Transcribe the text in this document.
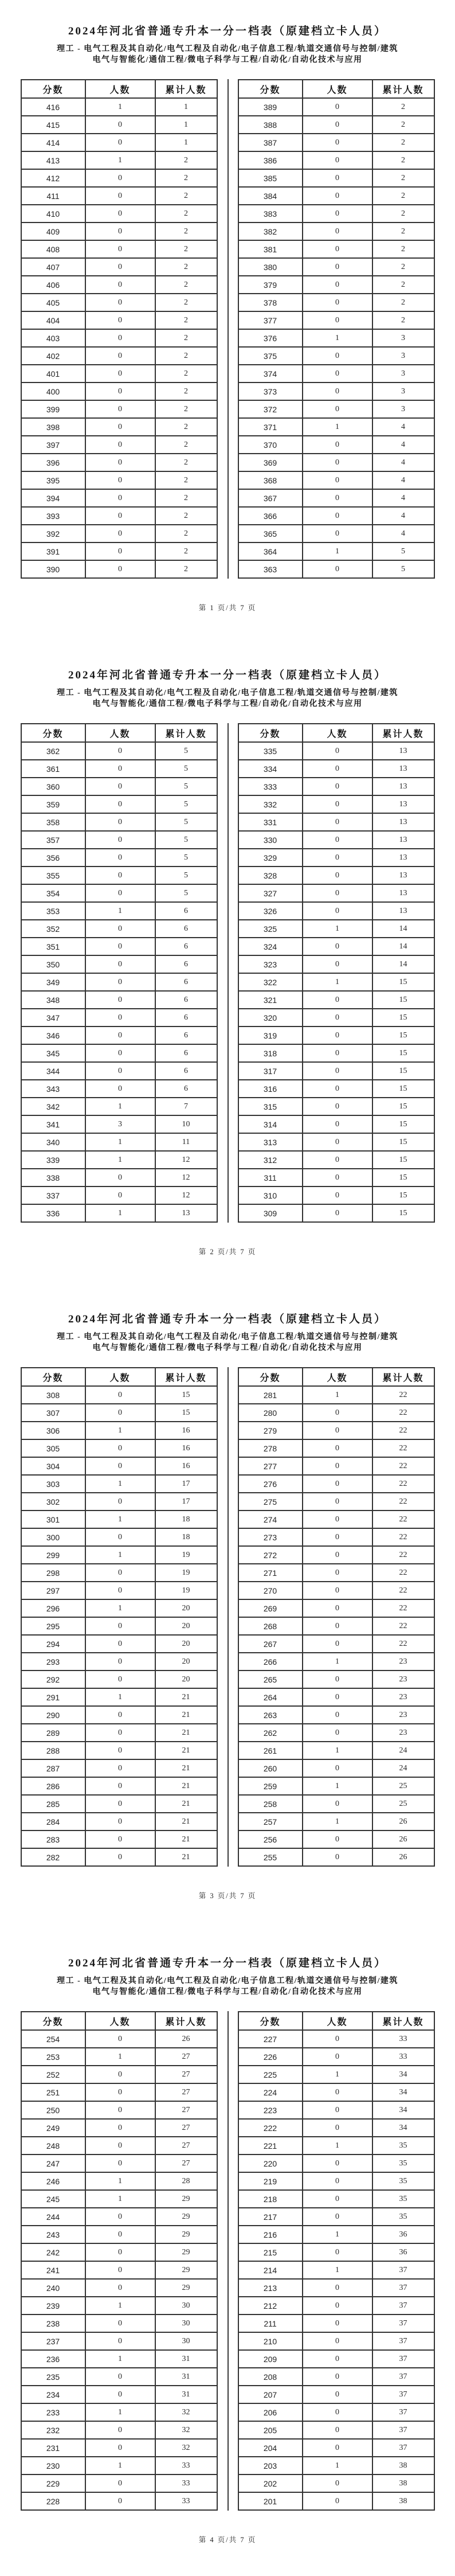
2024年河北省普通专升本一分一档表（原建档立卡人员）
理工 - 电气工程及其自动化/电气工程及自动化/电子信息工程/轨道交通信号与控制/建筑
电气与智能化/通信工程/微电子科学与工程/自动化/自动化技术与应用
分数	人数	累计人数
416	1	1
415	0	1
414	0	1
413	1	2
412	0	2
411	0	2
410	0	2
409	0	2
408	0	2
407	0	2
406	0	2
405	0	2
404	0	2
403	0	2
402	0	2
401	0	2
400	0	2
399	0	2
398	0	2
397	0	2
396	0	2
395	0	2
394	0	2
393	0	2
392	0	2
391	0	2
390	0	2
分数	人数	累计人数
389	0	2
388	0	2
387	0	2
386	0	2
385	0	2
384	0	2
383	0	2
382	0	2
381	0	2
380	0	2
379	0	2
378	0	2
377	0	2
376	1	3
375	0	3
374	0	3
373	0	3
372	0	3
371	1	4
370	0	4
369	0	4
368	0	4
367	0	4
366	0	4
365	0	4
364	1	5
363	0	5
第 1 页/共 7 页
2024年河北省普通专升本一分一档表（原建档立卡人员）
理工 - 电气工程及其自动化/电气工程及自动化/电子信息工程/轨道交通信号与控制/建筑
电气与智能化/通信工程/微电子科学与工程/自动化/自动化技术与应用
分数	人数	累计人数
362	0	5
361	0	5
360	0	5
359	0	5
358	0	5
357	0	5
356	0	5
355	0	5
354	0	5
353	1	6
352	0	6
351	0	6
350	0	6
349	0	6
348	0	6
347	0	6
346	0	6
345	0	6
344	0	6
343	0	6
342	1	7
341	3	10
340	1	11
339	1	12
338	0	12
337	0	12
336	1	13
分数	人数	累计人数
335	0	13
334	0	13
333	0	13
332	0	13
331	0	13
330	0	13
329	0	13
328	0	13
327	0	13
326	0	13
325	1	14
324	0	14
323	0	14
322	1	15
321	0	15
320	0	15
319	0	15
318	0	15
317	0	15
316	0	15
315	0	15
314	0	15
313	0	15
312	0	15
311	0	15
310	0	15
309	0	15
第 2 页/共 7 页
2024年河北省普通专升本一分一档表（原建档立卡人员）
理工 - 电气工程及其自动化/电气工程及自动化/电子信息工程/轨道交通信号与控制/建筑
电气与智能化/通信工程/微电子科学与工程/自动化/自动化技术与应用
分数	人数	累计人数
308	0	15
307	0	15
306	1	16
305	0	16
304	0	16
303	1	17
302	0	17
301	1	18
300	0	18
299	1	19
298	0	19
297	0	19
296	1	20
295	0	20
294	0	20
293	0	20
292	0	20
291	1	21
290	0	21
289	0	21
288	0	21
287	0	21
286	0	21
285	0	21
284	0	21
283	0	21
282	0	21
分数	人数	累计人数
281	1	22
280	0	22
279	0	22
278	0	22
277	0	22
276	0	22
275	0	22
274	0	22
273	0	22
272	0	22
271	0	22
270	0	22
269	0	22
268	0	22
267	0	22
266	1	23
265	0	23
264	0	23
263	0	23
262	0	23
261	1	24
260	0	24
259	1	25
258	0	25
257	1	26
256	0	26
255	0	26
第 3 页/共 7 页
2024年河北省普通专升本一分一档表（原建档立卡人员）
理工 - 电气工程及其自动化/电气工程及自动化/电子信息工程/轨道交通信号与控制/建筑
电气与智能化/通信工程/微电子科学与工程/自动化/自动化技术与应用
分数	人数	累计人数
254	0	26
253	1	27
252	0	27
251	0	27
250	0	27
249	0	27
248	0	27
247	0	27
246	1	28
245	1	29
244	0	29
243	0	29
242	0	29
241	0	29
240	0	29
239	1	30
238	0	30
237	0	30
236	1	31
235	0	31
234	0	31
233	1	32
232	0	32
231	0	32
230	1	33
229	0	33
228	0	33
分数	人数	累计人数
227	0	33
226	0	33
225	1	34
224	0	34
223	0	34
222	0	34
221	1	35
220	0	35
219	0	35
218	0	35
217	0	35
216	1	36
215	0	36
214	1	37
213	0	37
212	0	37
211	0	37
210	0	37
209	0	37
208	0	37
207	0	37
206	0	37
205	0	37
204	0	37
203	1	38
202	0	38
201	0	38
第 4 页/共 7 页
